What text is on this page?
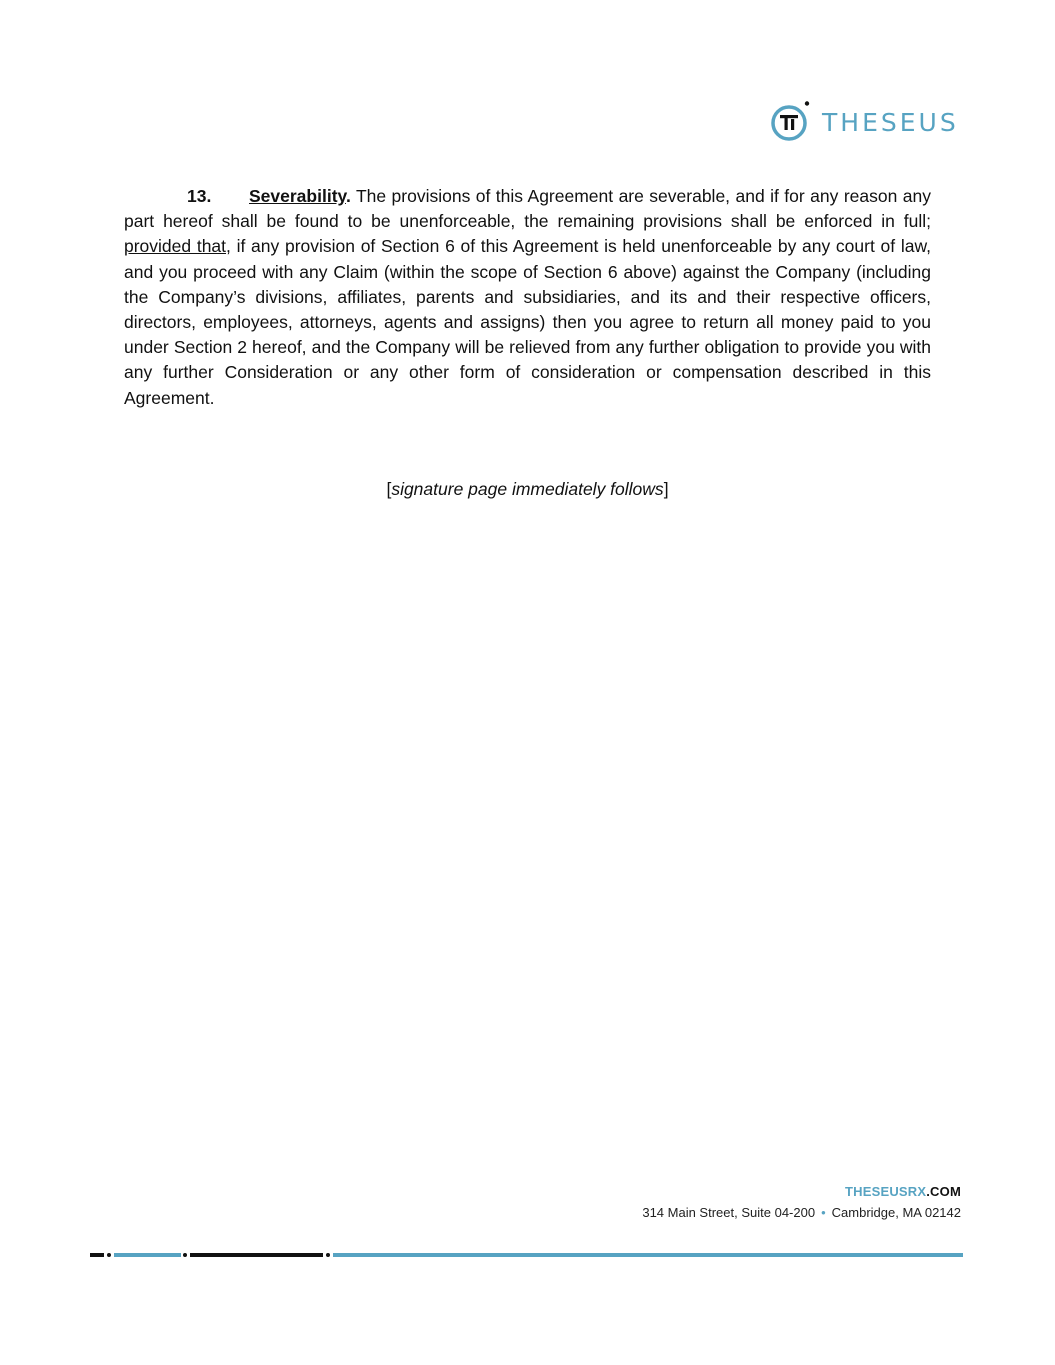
THESEUS
13. Severability. The provisions of this Agreement are severable, and if for any reason any part hereof shall be found to be unenforceable, the remaining provisions shall be enforced in full; provided that, if any provision of Section 6 of this Agreement is held unenforceable by any court of law, and you proceed with any Claim (within the scope of Section 6 above) against the Company (including the Company’s divisions, affiliates, parents and subsidiaries, and its and their respective officers, directors, employees, attorneys, agents and assigns) then you agree to return all money paid to you under Section 2 hereof, and the Company will be relieved from any further obligation to provide you with any further Consideration or any other form of consideration or compensation described in this Agreement.
[signature page immediately follows]
THESEUSRX.COM
314 Main Street, Suite 04-200 • Cambridge, MA 02142
